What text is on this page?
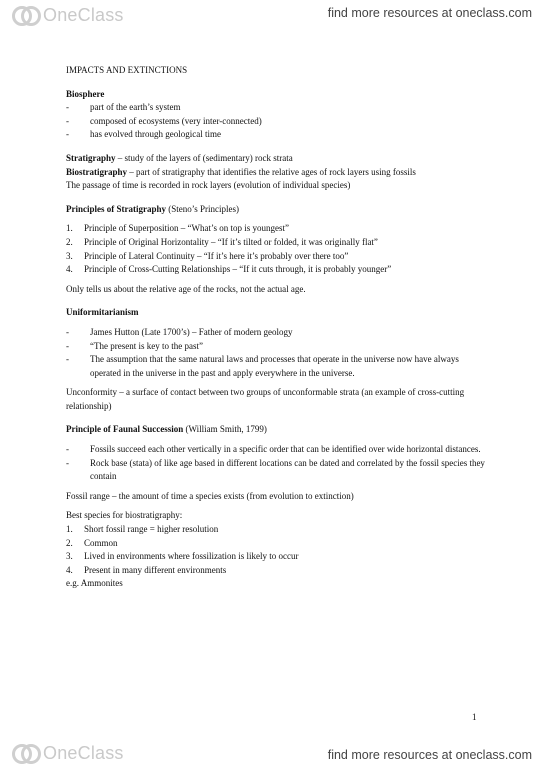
OneClass	find more resources at oneclass.com

IMPACTS AND EXTINCTIONS

Biosphere

- part of the earth’s system
- composed of ecosystems (very inter-connected)
- has evolved through geological time

Stratigraphy – study of the layers of (sedimentary) rock strata

Biostratigraphy – part of stratigraphy that identifies the relative ages of rock layers using fossils

The passage of time is recorded in rock layers (evolution of individual species)

Principles of Stratigraphy (Steno’s Principles)

1. Principle of Superposition – “What’s on top is youngest”
2. Principle of Original Horizontality – “If it’s tilted or folded, it was originally flat”
3. Principle of Lateral Continuity – “If it’s here it’s probably over there too”
4. Principle of Cross-Cutting Relationships – “If it cuts through, it is probably younger”

Only tells us about the relative age of the rocks, not the actual age.

Uniformitarianism

- James Hutton (Late 1700’s) – Father of modern geology
- “The present is key to the past”
- The assumption that the same natural laws and processes that operate in the universe now have always operated in the universe in the past and apply everywhere in the universe.

Unconformity – a surface of contact between two groups of unconformable strata (an example of cross-cutting relationship)

Principle of Faunal Succession (William Smith, 1799)

- Fossils succeed each other vertically in a specific order that can be identified over wide horizontal distances.
- Rock base (stata) of like age based in different locations can be dated and correlated by the fossil species they contain

Fossil range – the amount of time a species exists (from evolution to extinction)

Best species for biostratigraphy:

1. Short fossil range = higher resolution
2. Common
3. Lived in environments where fossilization is likely to occur
4. Present in many different environments

e.g. Ammonites

1
OneClass	find more resources at oneclass.com
